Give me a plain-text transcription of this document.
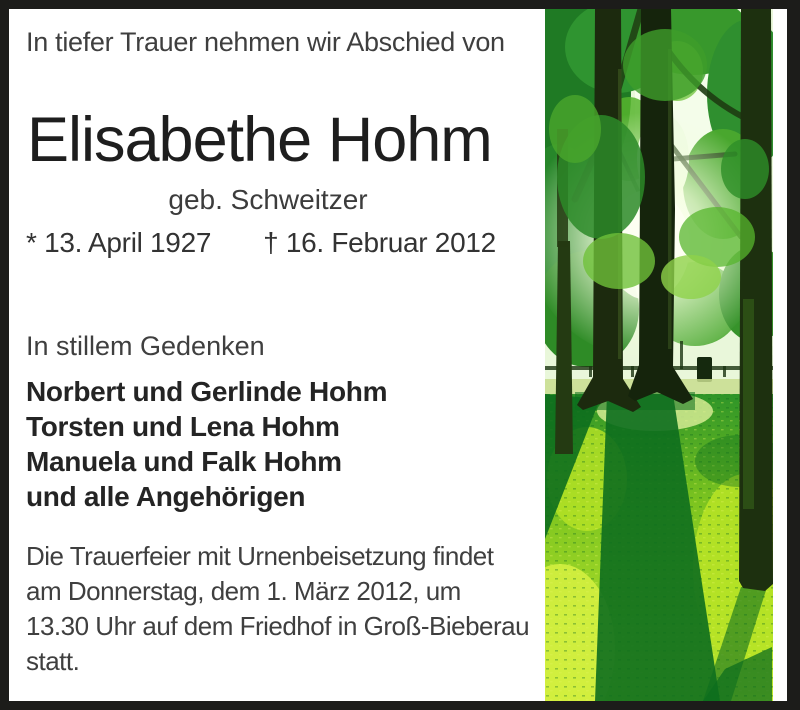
In tiefer Trauer nehmen wir Abschied von
Elisabethe Hohm
geb. Schweitzer
* 13. April 1927 † 16. Februar 2012
In stillem Gedenken
Norbert und Gerlinde Hohm
Torsten und Lena Hohm
Manuela und Falk Hohm
und alle Angehörigen
Die Trauerfeier mit Urnenbeisetzung findet
am Donnerstag, dem 1. März 2012, um
13.30 Uhr auf dem Friedhof in Groß-Bieberau
statt.
